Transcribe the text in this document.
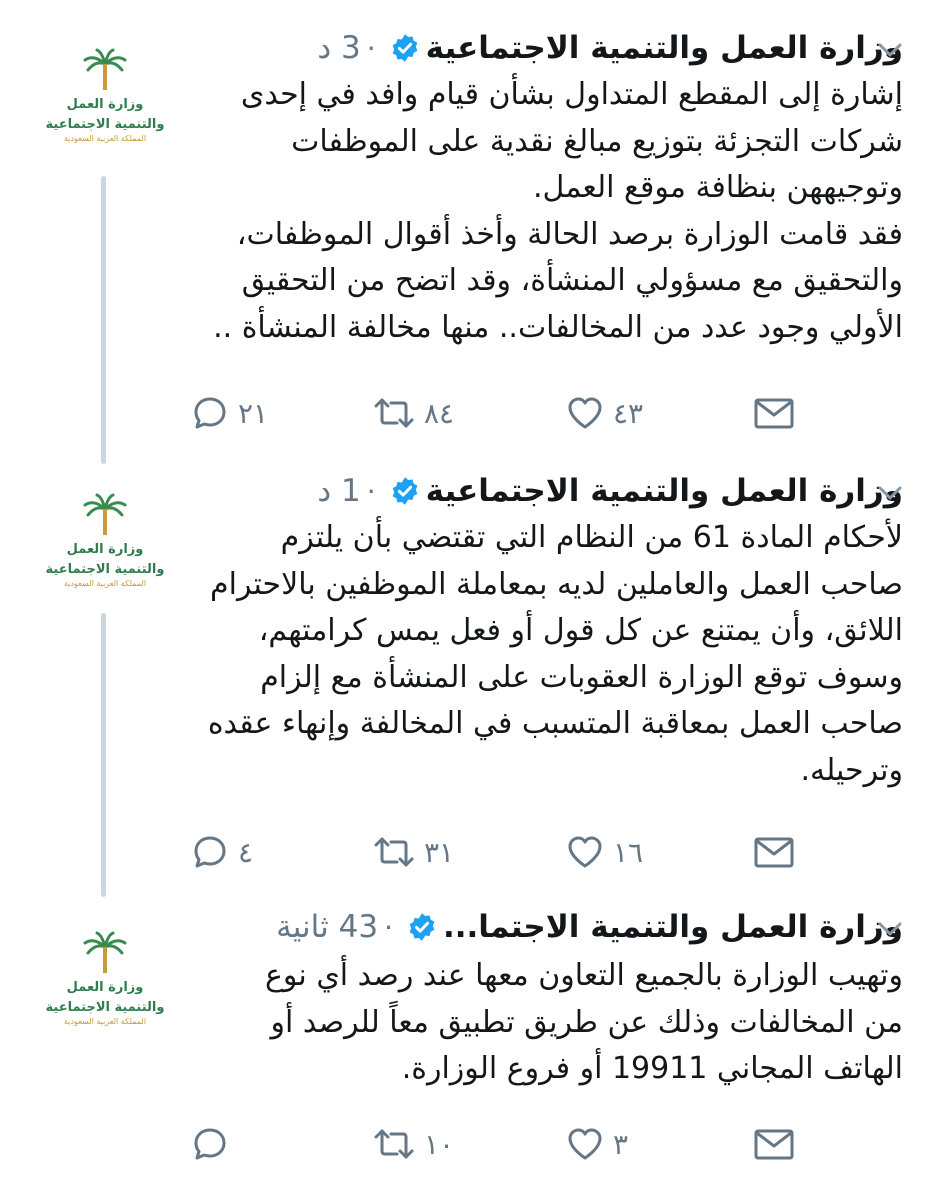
وزارة العمل
والتنمية الاجتماعية
المملكة العربية السعودية
وزارة العمل والتنمية الاجتماعية
·
3 د

إشارة إلى المقطع المتداول بشأن قيام وافد في إحدى

شركات التجزئة بتوزيع مبالغ نقدية على الموظفات

وتوجيههن بنظافة موقع العمل.

فقد قامت الوزارة برصد الحالة وأخذ أقوال الموظفات،

والتحقيق مع مسؤولي المنشأة، وقد اتضح من التحقيق

الأولي وجود عدد من المخالفات.. منها مخالفة المنشأة ..

٢١	٨٤	٤٣
وزارة العمل
والتنمية الاجتماعية
المملكة العربية السعودية
وزارة العمل والتنمية الاجتماعية
·
1 د

لأحكام المادة 61 من النظام التي تقتضي بأن يلتزم

صاحب العمل والعاملين لديه بمعاملة الموظفين بالاحترام

اللائق، وأن يمتنع عن كل قول أو فعل يمس كرامتهم،

وسوف توقع الوزارة العقوبات على المنشأة مع إلزام

صاحب العمل بمعاقبة المتسبب في المخالفة وإنهاء عقده

وترحيله.

٤	٣١	١٦
وزارة العمل
والتنمية الاجتماعية
المملكة العربية السعودية
وزارة العمل والتنمية الاجتما...
·
43 ثانية

وتهيب الوزارة بالجميع التعاون معها عند رصد أي نوع

من المخالفات وذلك عن طريق تطبيق معاً للرصد أو

الهاتف المجاني 19911 أو فروع الوزارة.

١٠	٣
